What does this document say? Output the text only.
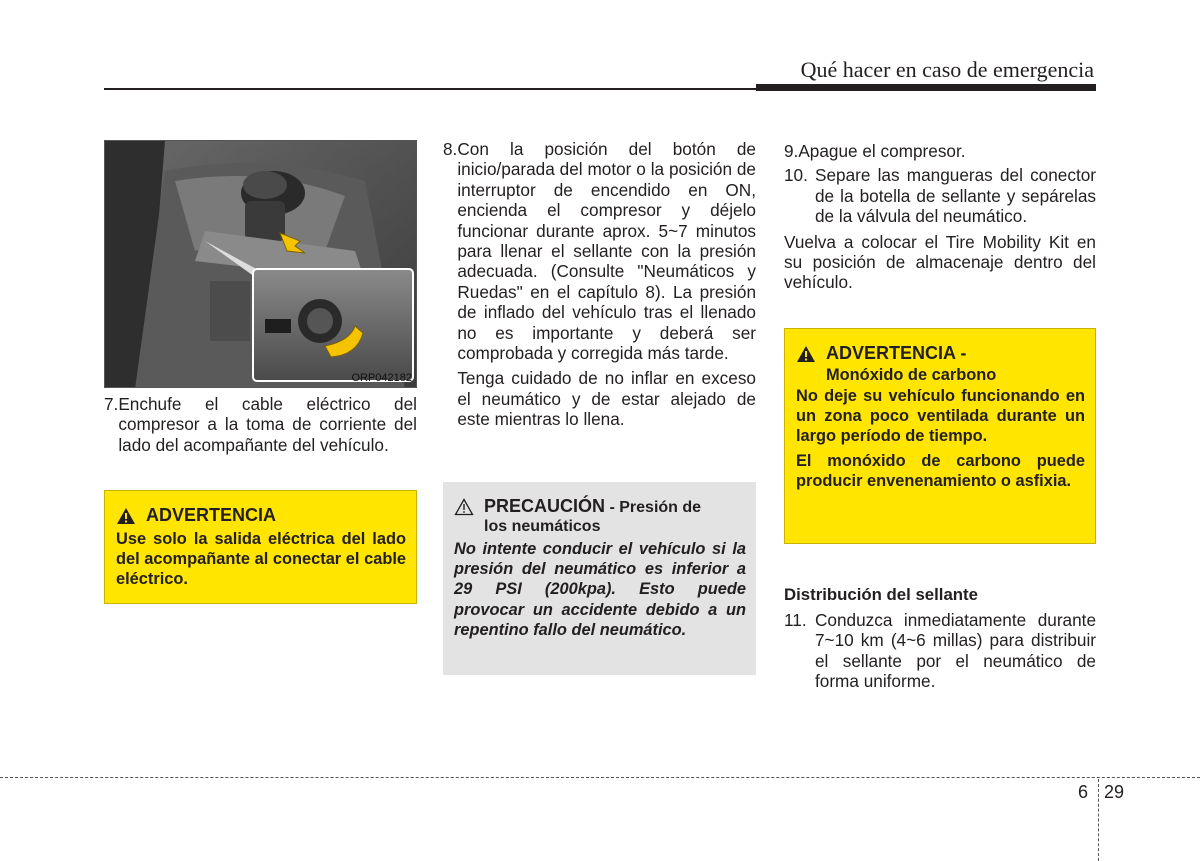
Qué hacer en caso de emergencia
ORP042182
7. Enchufe el cable eléctrico del compresor a la toma de corriente del lado del acompañante del vehículo.
ADVERTENCIA
Use solo la salida eléctrica del lado del acompañante al conectar el cable eléctrico.
8. Con la posición del botón de inicio/parada del motor o la posición de interruptor de encendido en ON, encienda el compresor y déjelo funcionar durante aprox. 5~7 minutos para llenar el sellante con la presión adecuada. (Consulte "Neumáticos y Ruedas" en el capítulo 8). La presión de inflado del vehículo tras el llenado no es importante y deberá ser comprobada y corregida más tarde.
Tenga cuidado de no inflar en exceso el neumático y de estar alejado de este mientras lo llena.
PRECAUCIÓN - Presión de
los neumáticos
No intente conducir el vehículo si la presión del neumático es inferior a 29 PSI (200kpa). Esto puede provocar un accidente debido a un repentino fallo del neumático.
9. Apague el compresor.
10. Separe las mangueras del conector de la botella de sellante y sepárelas de la válvula del neumático.

Vuelva a colocar el Tire Mobility Kit en su posición de almacenaje dentro del vehículo.

ADVERTENCIA -
Monóxido de carbono
No deje su vehículo funcionando en un zona poco ventilada durante un largo período de tiempo.
El monóxido de carbono puede producir envenenamiento o asfixia.
Distribución del sellante
11. Conduzca inmediatamente durante 7~10 km (4~6 millas) para distribuir el sellante por el neumático de forma uniforme.
6 29
